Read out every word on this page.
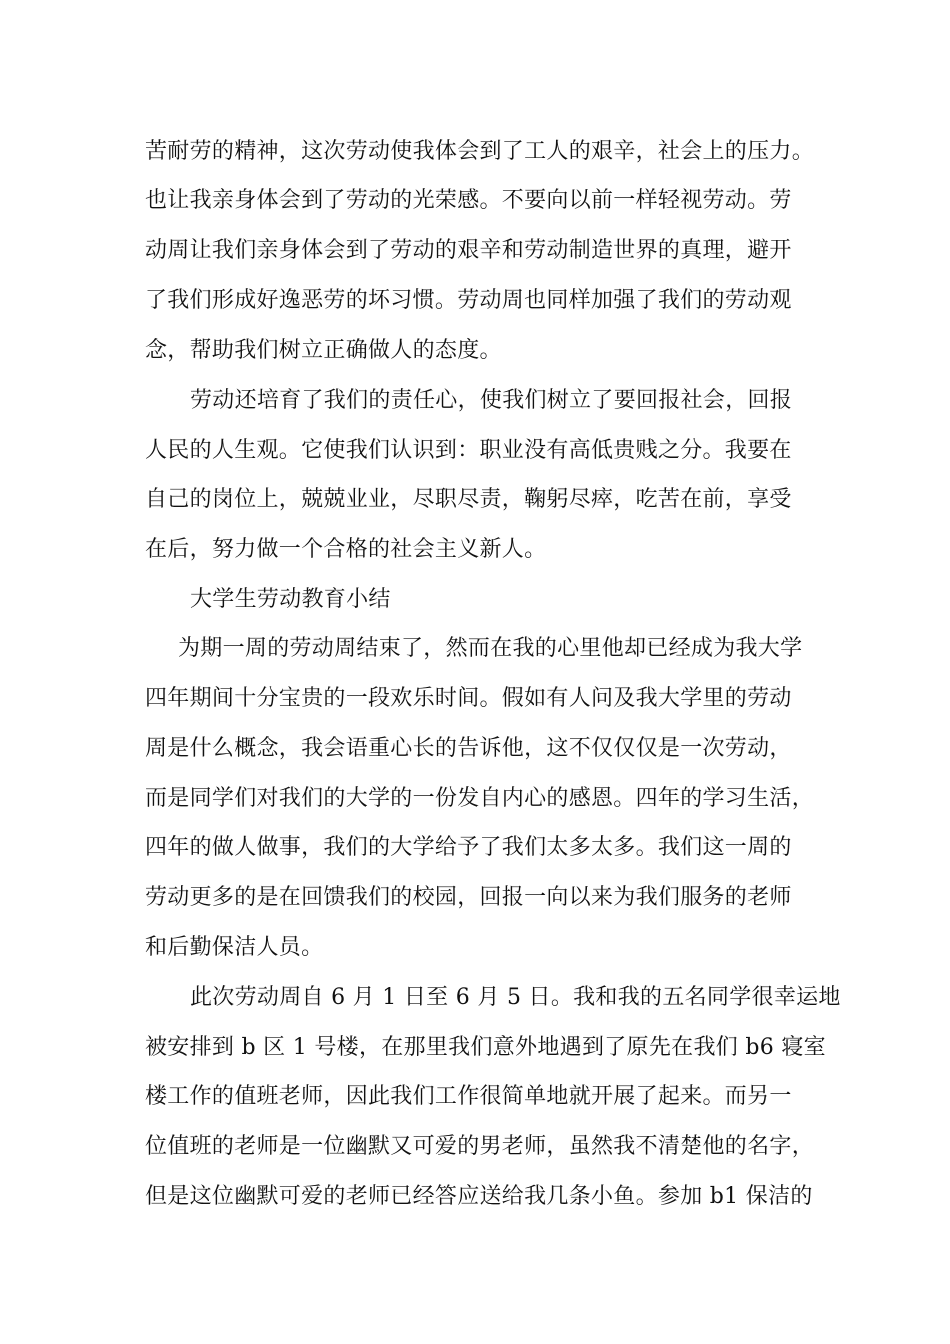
苦耐劳的精神，这次劳动使我体会到了工人的艰辛，社会上的压力。
也让我亲身体会到了劳动的光荣感。不要向以前一样轻视劳动。劳
动周让我们亲身体会到了劳动的艰辛和劳动制造世界的真理，避开
了我们形成好逸恶劳的坏习惯。劳动周也同样加强了我们的劳动观
念，帮助我们树立正确做人的态度。
劳动还培育了我们的责任心，使我们树立了要回报社会，回报
人民的人生观。它使我们认识到：职业没有高低贵贱之分。我要在
自己的岗位上，兢兢业业，尽职尽责，鞠躬尽瘁，吃苦在前，享受
在后，努力做一个合格的社会主义新人。
大学生劳动教育小结
为期一周的劳动周结束了，然而在我的心里他却已经成为我大学
四年期间十分宝贵的一段欢乐时间。假如有人问及我大学里的劳动
周是什么概念，我会语重心长的告诉他，这不仅仅仅是一次劳动，
而是同学们对我们的大学的一份发自内心的感恩。四年的学习生活，
四年的做人做事，我们的大学给予了我们太多太多。我们这一周的
劳动更多的是在回馈我们的校园，回报一向以来为我们服务的老师
和后勤保洁人员。
此次劳动周自 6 月 1 日至 6 月 5 日。我和我的五名同学很幸运地
被安排到 b 区 1 号楼，在那里我们意外地遇到了原先在我们 b6 寝室
楼工作的值班老师，因此我们工作很简单地就开展了起来。而另一
位值班的老师是一位幽默又可爱的男老师，虽然我不清楚他的名字，
但是这位幽默可爱的老师已经答应送给我几条小鱼。参加 b1 保洁的
